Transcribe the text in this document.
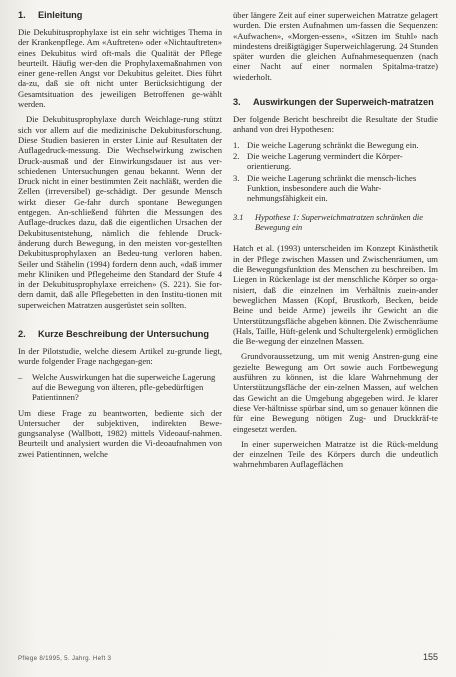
1.	Einleitung

Die Dekubitusprophylaxe ist ein sehr wichtiges Thema in der Krankenpflege. Am «Auftreten» oder «Nichtauftreten» eines Dekubitus wird oft-mals die Qualität der Pflege beurteilt. Häufig wer-den die Prophylaxemaßnahmen von einer gene-rellen Angst vor Dekubitus geleitet. Dies führt da-zu, daß sie oft nicht unter Berücksichtigung der Gesamtsituation des jeweiligen Betroffenen ge-wählt werden.

Die Dekubitusprophylaxe durch Weichlage-rung stützt sich vor allem auf die medizinische Dekubitusforschung. Diese Studien basieren in erster Linie auf Resultaten der Auflagedruck-messung. Die Wechselwirkung zwischen Druck-ausmaß und der Einwirkungsdauer ist aus ver-schiedenen Untersuchungen genau bekannt. Wenn der Druck nicht in einer bestimmten Zeit nachläßt, werden die Zellen (irreversibel) ge-schädigt. Der gesunde Mensch wirkt dieser Ge-fahr durch spontane Bewegungen entgegen. An-schließend führten die Messungen des Auflage-druckes dazu, daß die eigentlichen Ursachen der Dekubitusentstehung, nämlich die fehlende Druck-änderung durch Bewegung, in den meisten vor-gestellten Dekubitusprophylaxen an Bedeu-tung verloren haben. Seiler und Stähelin (1994) fordern denn auch, «daß immer mehr Kliniken und Pflegeheime den Standard der Stufe 4 in der Dekubitusprophylaxe erreichen» (S. 221). Sie for-dern damit, daß alle Pflegebetten in den Institu-tionen mit superweichen Matratzen ausgerüstet sein sollten.

2.	Kurze Beschreibung der Untersuchung

In der Pilotstudie, welche diesem Artikel zu-grunde liegt, wurde folgender Frage nachgegan-gen:

–	Welche Auswirkungen hat die superweiche Lagerung auf die Bewegung von älteren, pfle-gebedürftigen Patientinnen?

Um diese Frage zu beantworten, bediente sich der Untersucher der subjektiven, indirekten Bewe-gungsanalyse (Wallbott, 1982) mittels Videoauf-nahmen. Beurteilt und analysiert wurden die Vi-deoaufnahmen von zwei Patientinnen, welche

über längere Zeit auf einer superweichen Matratze gelagert wurden. Die ersten Aufnahmen um-fassen die Sequenzen: «Aufwachen», «Morgen-essen», «Sitzen im Stuhl» nach mindestens dreißigtägiger Superweichlagerung. 24 Stunden später wurden die gleichen Aufnahmesequenzen (nach einer Nacht auf einer normalen Spitalma-tratze) wiederholt.

3.	Auswirkungen der Superweich-matratzen

Der folgende Bericht beschreibt die Resultate der Studie anhand von drei Hypothesen:

1. Die weiche Lagerung schränkt die Bewegung ein.
2. Die weiche Lagerung vermindert die Körper-orientierung.
3. Die weiche Lagerung schränkt die mensch-liches Funktion, insbesondere auch die Wahr-nehmungsfähigkeit ein.
3.1 Hypothese 1: Superweichmatratzen schränken die Bewegung ein

Hatch et al. (1993) unterscheiden im Konzept Kinästhetik in der Pflege zwischen Massen und Zwischenräumen, um die Bewegungsfunktion des Menschen zu beschreiben. Im Liegen in Rückenlage ist der menschliche Körper so orga-nisiert, daß die einzelnen im Verhältnis zuein-ander beweglichen Massen (Kopf, Brustkorb, Becken, beide Beine und beide Arme) jeweils ihr Gewicht an die Unterstützungsfläche abgeben können. Die Zwischenräume (Hals, Taille, Hüft-gelenk und Schultergelenk) ermöglichen die Be-wegung der einzelnen Massen.

Grundvoraussetzung, um mit wenig Anstren-gung eine gezielte Bewegung am Ort sowie auch Fortbewegung ausführen zu können, ist die klare Wahrnehmung der Unterstützungsfläche der ein-zelnen Massen, auf welchen das Gewicht an die Umgebung abgegeben wird. Je klarer diese Ver-hältnisse spürbar sind, um so genauer können die für eine Bewegung nötigen Zug- und Druckkräf-te eingesetzt werden.

In einer superweichen Matratze ist die Rück-meldung der einzelnen Teile des Körpers durch die undeutlich wahrnehmbaren Auflageflächen

Pflege 8/1995, 5. Jahrg. Heft 3	155
